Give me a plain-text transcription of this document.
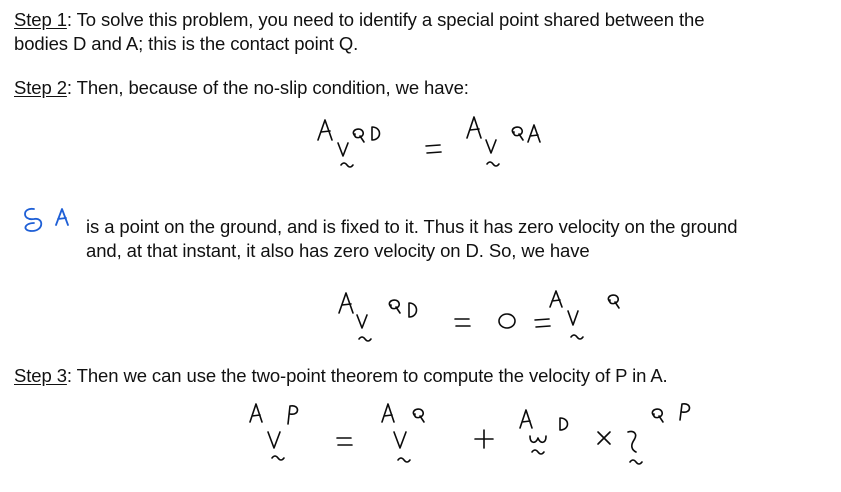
Step 1: To solve this problem, you need to identify a special point shared between the
bodies D and A; this is the contact point Q.
Step 2: Then, because of the no-slip condition, we have:
is a point on the ground, and is fixed to it. Thus it has zero velocity on the ground
and, at that instant, it also has zero velocity on D. So, we have
Step 3: Then we can use the two-point theorem to compute the velocity of P in A.
